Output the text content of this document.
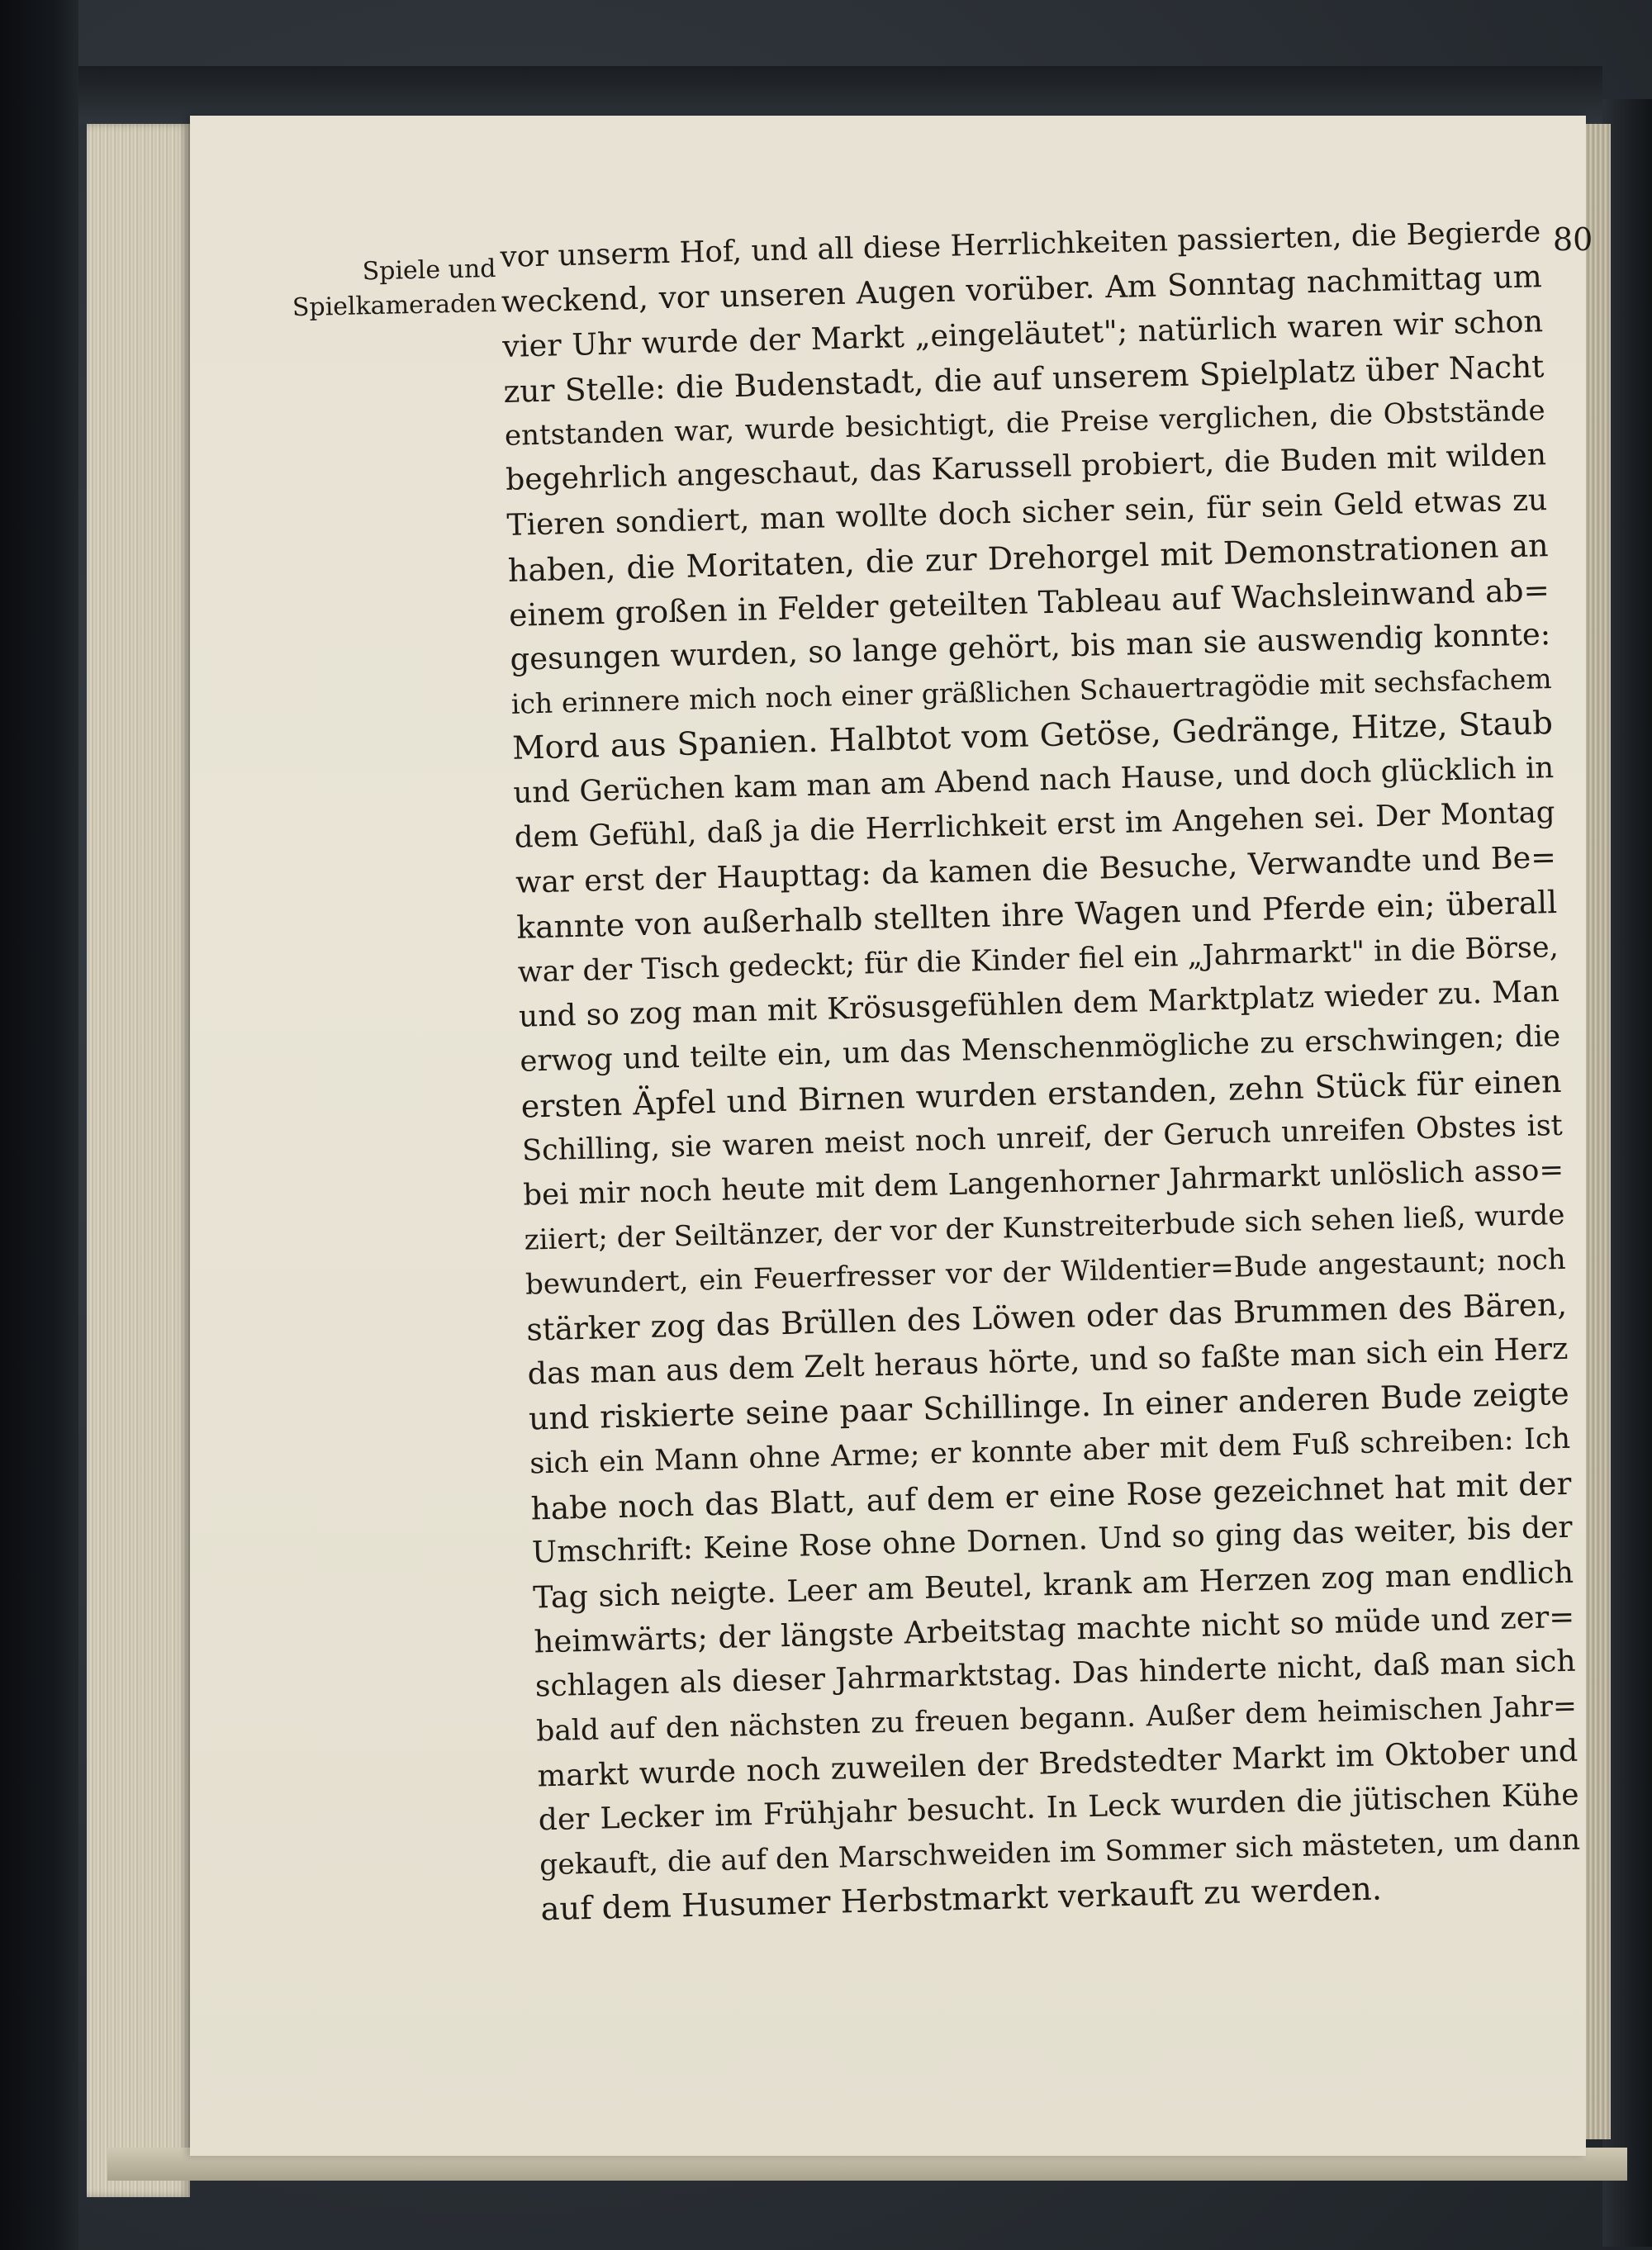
Spiele und
Spielkameraden
80
vor unserm Hof, und all diese Herrlichkeiten passierten, die Begierde
weckend, vor unseren Augen vorüber. Am Sonntag nachmittag um
vier Uhr wurde der Markt „eingeläutet"; natürlich waren wir schon
zur Stelle: die Budenstadt, die auf unserem Spielplatz über Nacht
entstanden war, wurde besichtigt, die Preise verglichen, die Obststände
begehrlich angeschaut, das Karussell probiert, die Buden mit wilden
Tieren sondiert, man wollte doch sicher sein, für sein Geld etwas zu
haben, die Moritaten, die zur Drehorgel mit Demonstrationen an
einem großen in Felder geteilten Tableau auf Wachsleinwand ab=
gesungen wurden, so lange gehört, bis man sie auswendig konnte:
ich erinnere mich noch einer gräßlichen Schauertragödie mit sechsfachem
Mord aus Spanien. Halbtot vom Getöse, Gedränge, Hitze, Staub
und Gerüchen kam man am Abend nach Hause, und doch glücklich in
dem Gefühl, daß ja die Herrlichkeit erst im Angehen sei. Der Montag
war erst der Haupttag: da kamen die Besuche, Verwandte und Be=
kannte von außerhalb stellten ihre Wagen und Pferde ein; überall
war der Tisch gedeckt; für die Kinder fiel ein „Jahrmarkt" in die Börse,
und so zog man mit Krösusgefühlen dem Marktplatz wieder zu. Man
erwog und teilte ein, um das Menschenmögliche zu erschwingen; die
ersten Äpfel und Birnen wurden erstanden, zehn Stück für einen
Schilling, sie waren meist noch unreif, der Geruch unreifen Obstes ist
bei mir noch heute mit dem Langenhorner Jahrmarkt unlöslich asso=
ziiert; der Seiltänzer, der vor der Kunstreiterbude sich sehen ließ, wurde
bewundert, ein Feuerfresser vor der Wildentier=Bude angestaunt; noch
stärker zog das Brüllen des Löwen oder das Brummen des Bären,
das man aus dem Zelt heraus hörte, und so faßte man sich ein Herz
und riskierte seine paar Schillinge. In einer anderen Bude zeigte
sich ein Mann ohne Arme; er konnte aber mit dem Fuß schreiben: Ich
habe noch das Blatt, auf dem er eine Rose gezeichnet hat mit der
Umschrift: Keine Rose ohne Dornen. Und so ging das weiter, bis der
Tag sich neigte. Leer am Beutel, krank am Herzen zog man endlich
heimwärts; der längste Arbeitstag machte nicht so müde und zer=
schlagen als dieser Jahrmarktstag. Das hinderte nicht, daß man sich
bald auf den nächsten zu freuen begann. Außer dem heimischen Jahr=
markt wurde noch zuweilen der Bredstedter Markt im Oktober und
der Lecker im Frühjahr besucht. In Leck wurden die jütischen Kühe
gekauft, die auf den Marschweiden im Sommer sich mästeten, um dann
auf dem Husumer Herbstmarkt verkauft zu werden.
